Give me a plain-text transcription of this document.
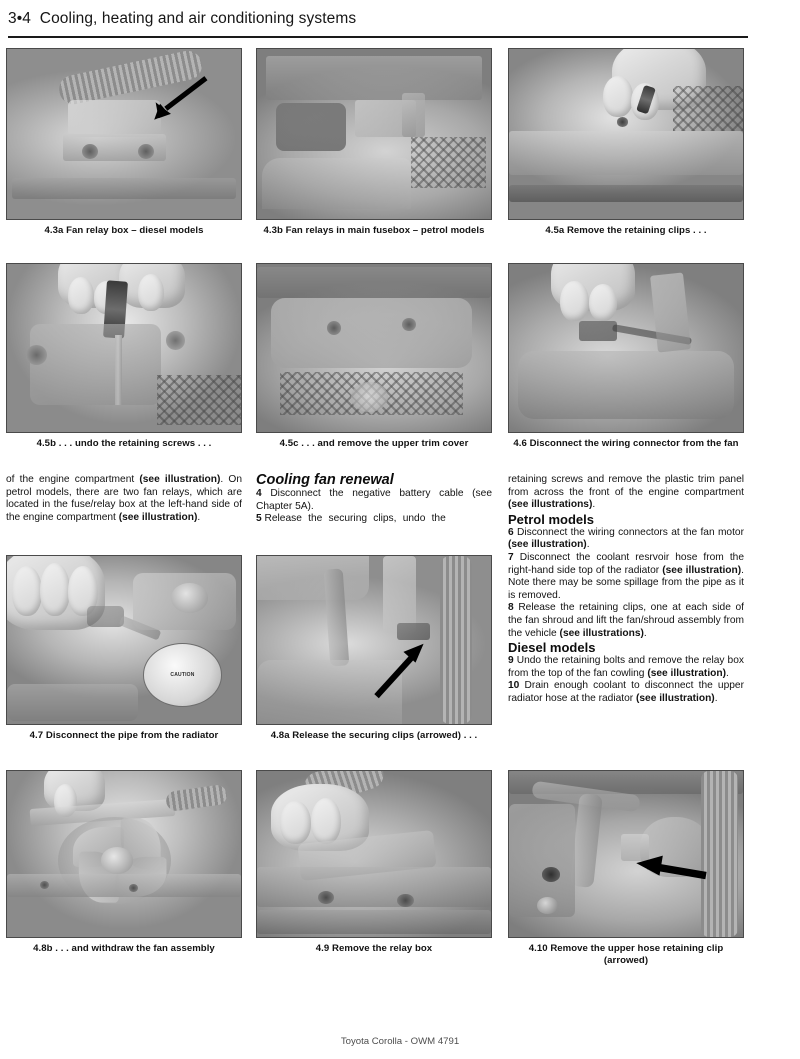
3•4 Cooling, heating and air conditioning systems
4.3a Fan relay box – diesel models	4.3b Fan relays in main fusebox – petrol models	4.5a Remove the retaining clips . . .
4.5b . . . undo the retaining screws . . .	4.5c . . . and remove the upper trim cover	4.6 Disconnect the wiring connector from the fan

of the engine compartment (see illustration). On petrol models, there are two fan relays, which are located in the fuse/relay box at the left-hand side of the engine compartment (see illustration).

Cooling fan renewal

4 Disconnect the negative battery cable (see Chapter 5A).

5 Release the securing clips, undo the

retaining screws and remove the plastic trim panel from across the front of the engine compartment (see illustrations).

Petrol models

6 Disconnect the wiring connectors at the fan motor (see illustration).

7 Disconnect the coolant resrvoir hose from the right-hand side top of the radiator (see illustration). Note there may be some spillage from the pipe as it is removed.

8 Release the retaining clips, one at each side of the fan shroud and lift the fan/shroud assembly from the vehicle (see illustrations).

Diesel models

9 Undo the retaining bolts and remove the relay box from the top of the fan cowling (see illustration).

10 Drain enough coolant to disconnect the upper radiator hose at the radiator (see illustration).

CAUTION
4.7 Disconnect the pipe from the radiator	4.8a Release the securing clips (arrowed) . . .
4.8b . . . and withdraw the fan assembly	4.9 Remove the relay box	4.10 Remove the upper hose retaining clip (arrowed)
Toyota Corolla - OWM 4791
